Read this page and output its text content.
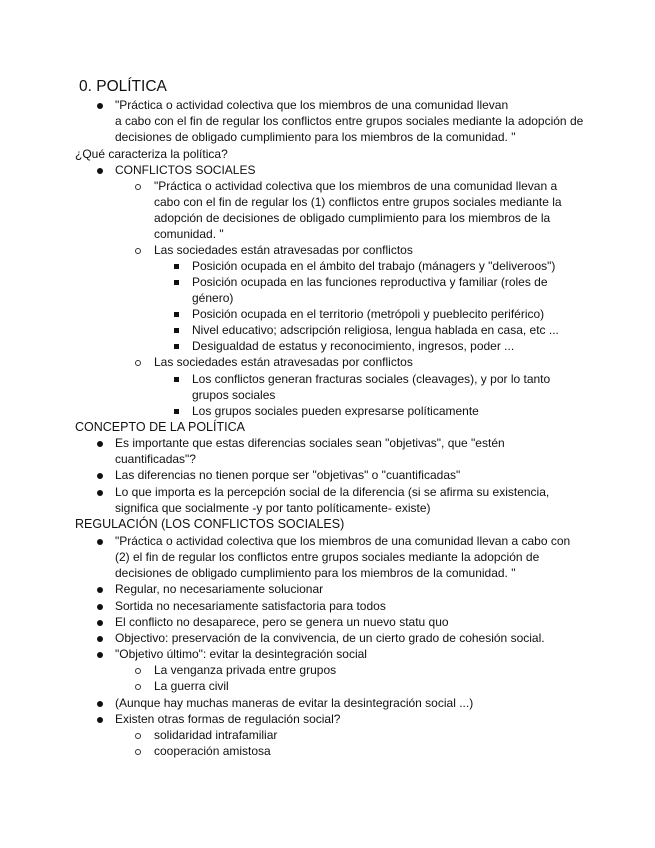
0. POLÍTICA
"Práctica o actividad colectiva que los miembros de una comunidad llevan
a cabo con el fin de regular los conflictos entre grupos sociales mediante la adopción de
decisiones de obligado cumplimiento para los miembros de la comunidad. "
¿Qué caracteriza la política?
CONFLICTOS SOCIALES
"Práctica o actividad colectiva que los miembros de una comunidad llevan a
cabo con el fin de regular los (1) conflictos entre grupos sociales mediante la
adopción de decisiones de obligado cumplimiento para los miembros de la
comunidad. "
Las sociedades están atravesadas por conflictos
Posición ocupada en el ámbito del trabajo (mánagers y "deliveroos")
Posición ocupada en las funciones reproductiva y familiar (roles de
género)
Posición ocupada en el territorio (metrópoli y pueblecito periférico)
Nivel educativo; adscripción religiosa, lengua hablada en casa, etc ...
Desigualdad de estatus y reconocimiento, ingresos, poder ...
Las sociedades están atravesadas por conflictos
Los conflictos generan fracturas sociales (cleavages), y por lo tanto
grupos sociales
Los grupos sociales pueden expresarse políticamente
CONCEPTO DE LA POLÍTICA
Es importante que estas diferencias sociales sean "objetivas", que "estén
cuantificadas"?
Las diferencias no tienen porque ser "objetivas" o "cuantificadas"
Lo que importa es la percepción social de la diferencia (si se afirma su existencia,
significa que socialmente -y por tanto políticamente- existe)
REGULACIÓN (LOS CONFLICTOS SOCIALES)
"Práctica o actividad colectiva que los miembros de una comunidad llevan a cabo con
(2) el fin de regular los conflictos entre grupos sociales mediante la adopción de
decisiones de obligado cumplimiento para los miembros de la comunidad. "
Regular, no necesariamente solucionar
Sortida no necesariamente satisfactoria para todos
El conflicto no desaparece, pero se genera un nuevo statu quo
Objectivo: preservación de la convivencia, de un cierto grado de cohesión social.
"Objetivo último": evitar la desintegración social
La venganza privada entre grupos
La guerra civil
(Aunque hay muchas maneras de evitar la desintegración social ...)
Existen otras formas de regulación social?
solidaridad intrafamiliar
cooperación amistosa
